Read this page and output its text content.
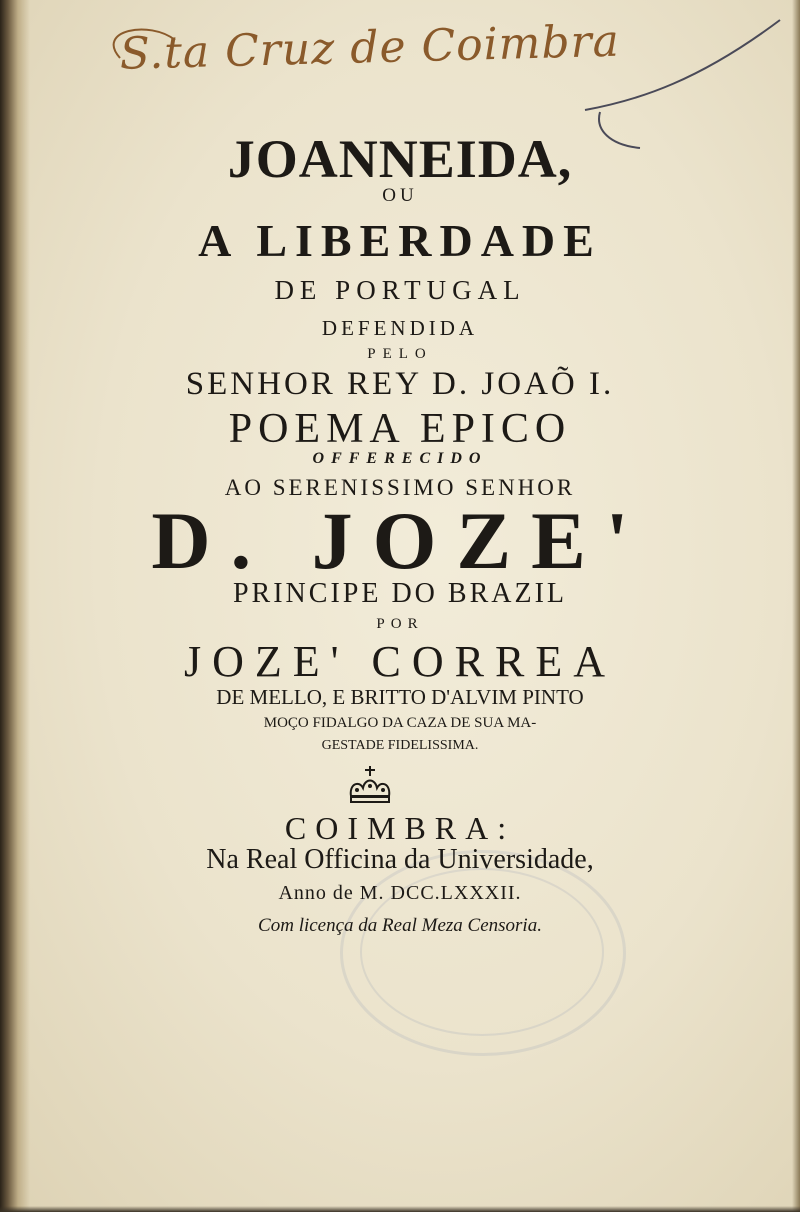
S.ta Cruz de Coimbra
JOANNEIDA,
OU
A LIBERDADE
DE PORTUGAL
DEFENDIDA
PELO
SENHOR REY D. JOAÕ I.
POEMA EPICO
OFFERECIDO
AO SERENISSIMO SENHOR
D. JOZE'
PRINCIPE DO BRAZIL
POR
JOZE' CORREA
DE MELLO, E BRITTO D'ALVIM PINTO
MOÇO FIDALGO DA CAZA DE SUA MA-
GESTADE FIDELISSIMA.
COIMBRA:
Na Real Officina da Universidade,
Anno de M. DCC.LXXXII.
Com licença da Real Meza Censoria.
